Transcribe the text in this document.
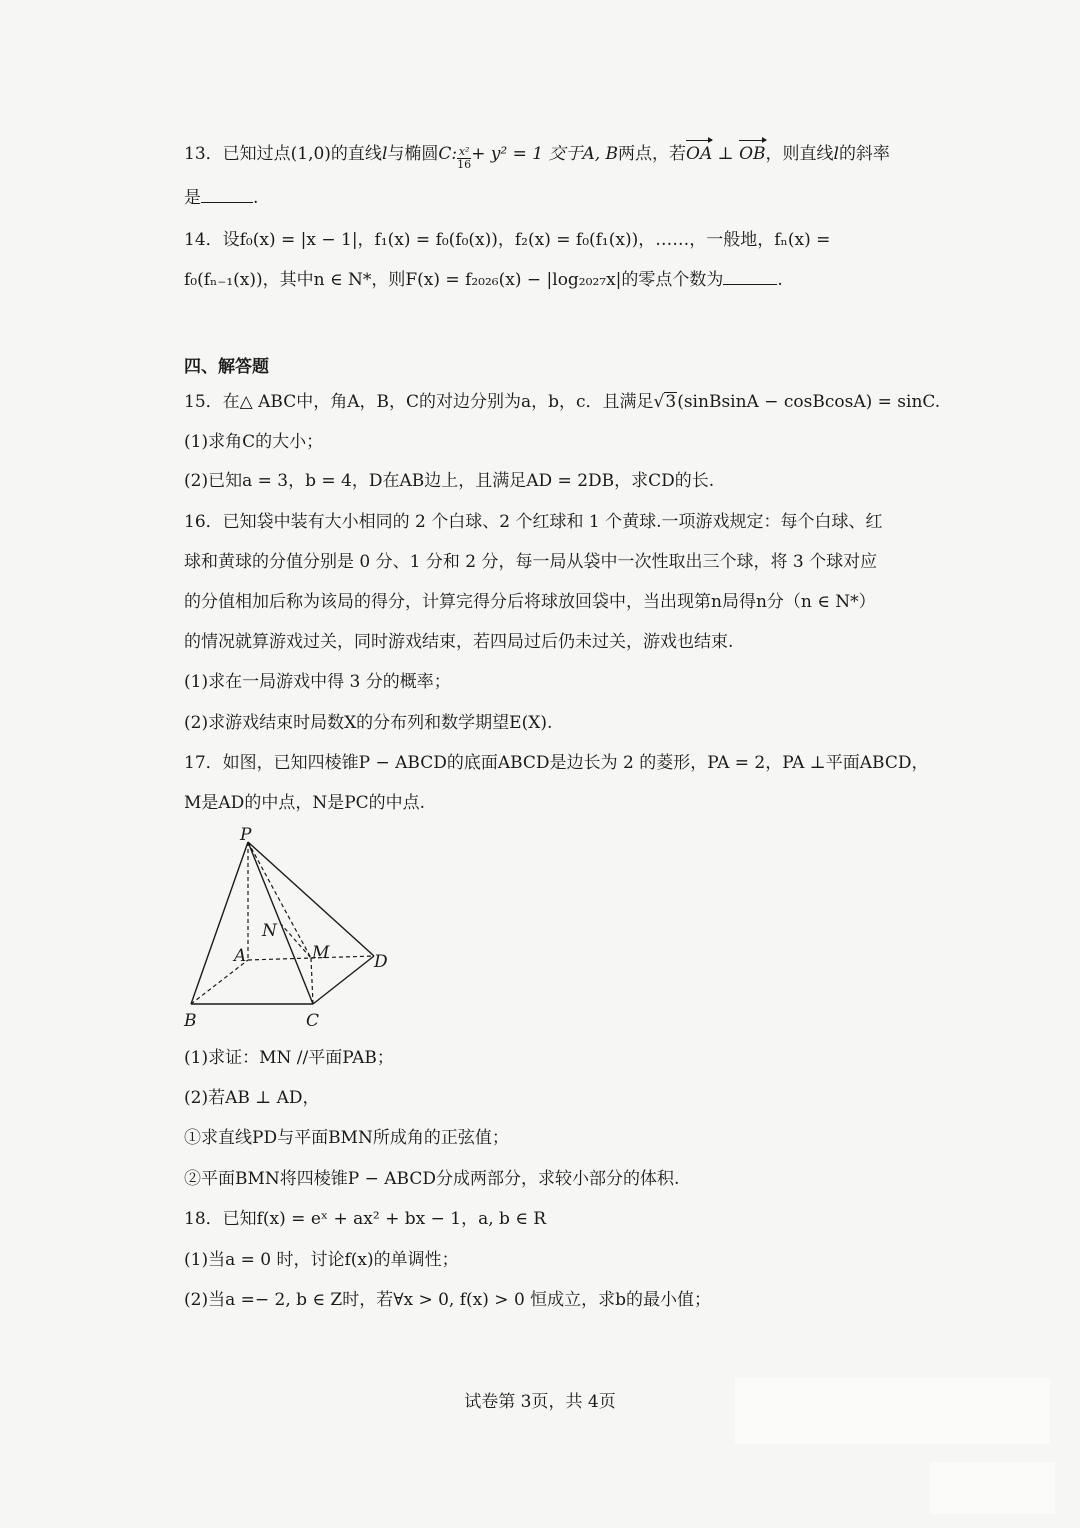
13．已知过点(1,0)的直线l与椭圆C: $\frac{\text{x²}}{16} + y^2 = 1$ 交于A, B两点，若OA ⊥ OB，则直线l的斜率
是	.
14．设f₀(x) = |x − 1|，f₁(x) = f₀(f₀(x))，f₂(x) = f₀(f₁(x))，……，一般地，fₙ(x) =
f₀(fₙ₋₁(x))，其中n ∈ N*，则F(x) = f₂₀₂₆(x) − |log₂₀₂₇x|的零点个数为	.
四、解答题
15．在△ ABC中，角A，B，C的对边分别为a，b，c．且满足√3(sinBsinA − cosBcosA) = sinC.
(1)求角C的大小；
(2)已知a = 3，b = 4，D在AB边上，且满足AD = 2DB，求CD的长.
16．已知袋中装有大小相同的 2 个白球、2 个红球和 1 个黄球.一项游戏规定：每个白球、红
球和黄球的分值分别是 0 分、1 分和 2 分，每一局从袋中一次性取出三个球，将 3 个球对应
的分值相加后称为该局的得分，计算完得分后将球放回袋中，当出现第n局得n分（n ∈ N*）
的情况就算游戏过关，同时游戏结束，若四局过后仍未过关，游戏也结束.
(1)求在一局游戏中得 3 分的概率；
(2)求游戏结束时局数X的分布列和数学期望E(X).
17．如图，已知四棱锥P − ABCD的底面ABCD是边长为 2 的菱形，PA = 2，PA ⊥平面ABCD，
M是AD的中点，N是PC的中点.
P
A
B	C
D
M
N
(1)求证：MN //平面PAB；
(2)若AB ⊥ AD，
①求直线PD与平面BMN所成角的正弦值；
②平面BMN将四棱锥P − ABCD分成两部分，求较小部分的体积.
18．已知f(x) = eˣ + ax² + bx − 1，a, b ∈ R
(1)当a = 0 时，讨论f(x)的单调性；
(2)当a =− 2, b ∈ Z时，若∀x > 0, f(x) > 0 恒成立，求b的最小值；
试卷第 3页，共 4页
